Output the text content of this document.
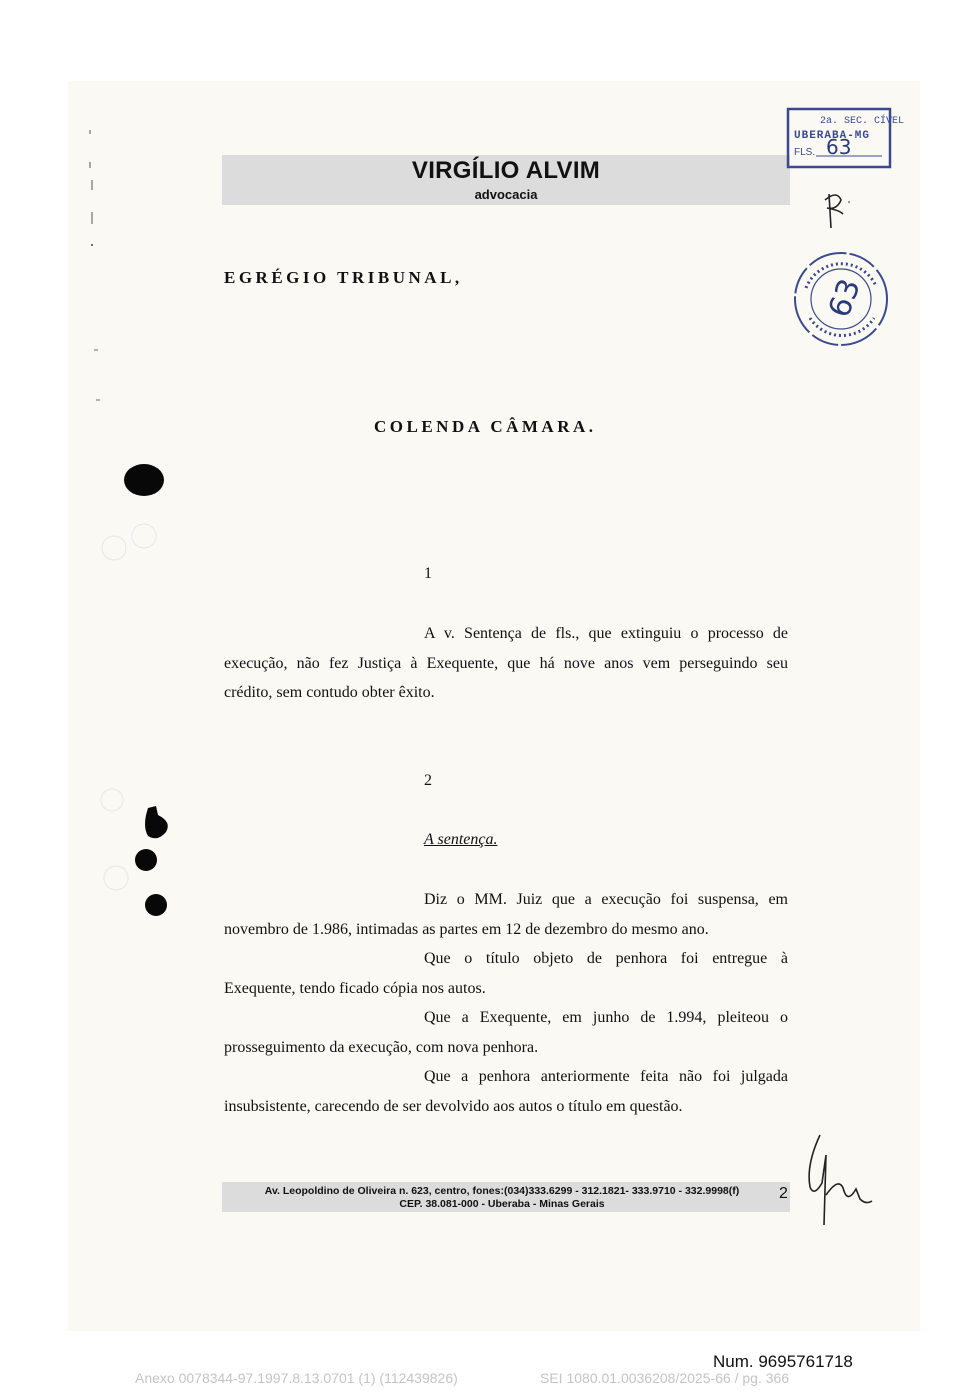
VIRGÍLIO ALVIM
advocacia
2a. SEC. CÍVEL
UBERABA-MG
FLS. 63
63
EGRÉGIO TRIBUNAL,
COLENDA CÂMARA.
1
A v. Sentença de fls., que extinguiu o processo de
execução, não fez Justiça à Exequente, que há nove anos vem perseguindo seu
crédito, sem contudo obter êxito.
2
A sentença.
Diz o MM. Juiz que a execução foi suspensa, em
novembro de 1.986, intimadas as partes em 12 de dezembro do mesmo ano.
Que o título objeto de penhora foi entregue à
Exequente, tendo ficado cópia nos autos.
Que a Exequente, em junho de 1.994, pleiteou o
prosseguimento da execução, com nova penhora.
Que a penhora anteriormente feita não foi julgada
insubsistente, carecendo de ser devolvido aos autos o título em questão.
Av. Leopoldino de Oliveira n. 623, centro, fones:(034)333.6299 - 312.1821- 333.9710 - 332.9998(f)
CEP. 38.081-000 - Uberaba - Minas Gerais
2
Num. 9695761718
Anexo 0078344-97.1997.8.13.0701 (1) (112439826)	SEI 1080.01.0036208/2025-66 / pg. 366
